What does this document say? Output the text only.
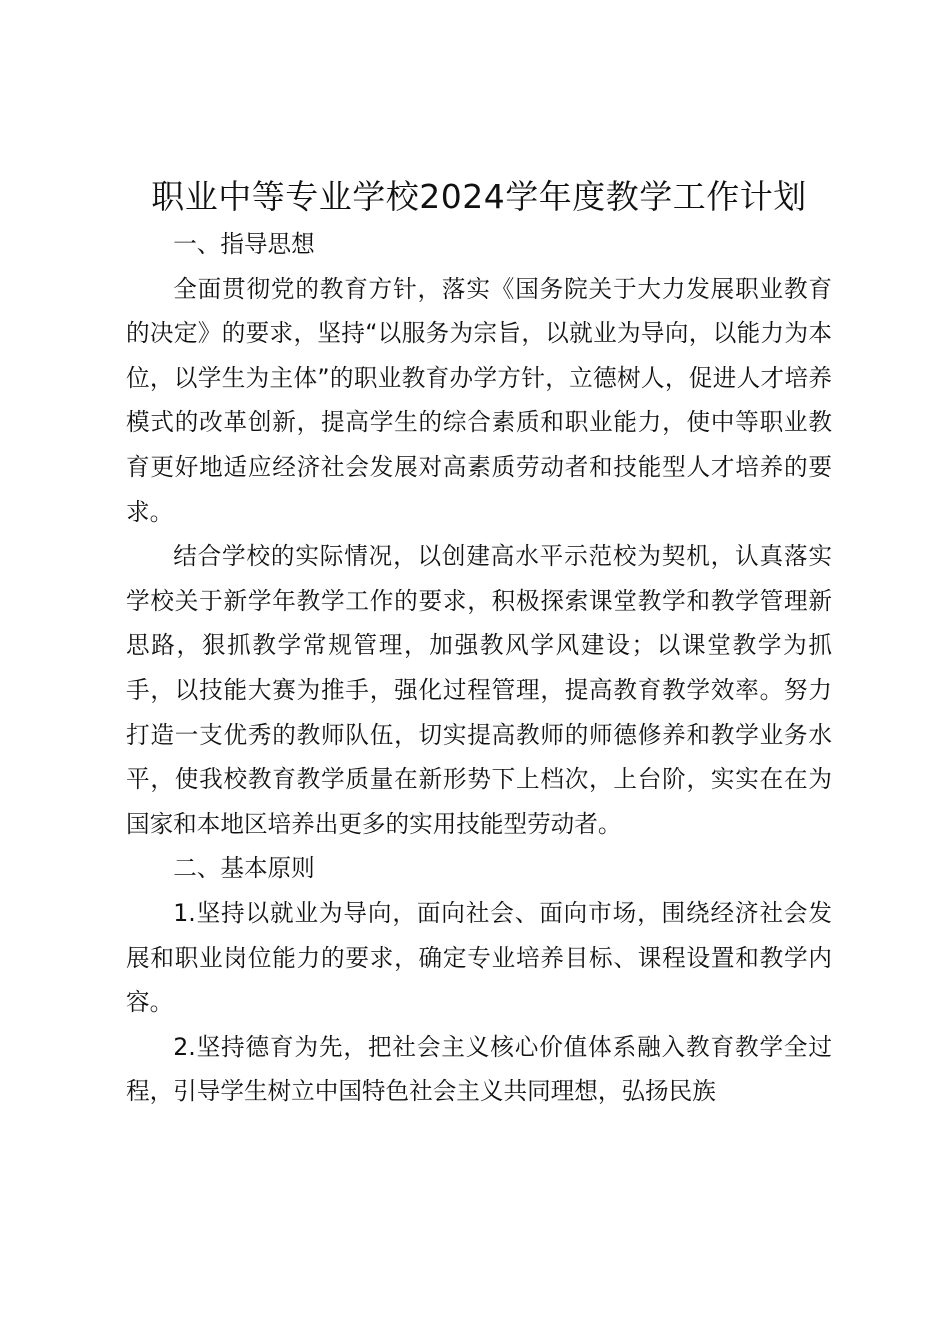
职业中等专业学校2024学年度教学工作计划

一、指导思想

全面贯彻党的教育方针，落实《国务院关于大力发展职业教育的决定》的要求，坚持“以服务为宗旨，以就业为导向，以能力为本位，以学生为主体”的职业教育办学方针，立德树人，促进人才培养模式的改革创新，提高学生的综合素质和职业能力，使中等职业教育更好地适应经济社会发展对高素质劳动者和技能型人才培养的要求。

结合学校的实际情况，以创建高水平示范校为契机，认真落实学校关于新学年教学工作的要求，积极探索课堂教学和教学管理新思路，狠抓教学常规管理，加强教风学风建设；以课堂教学为抓手，以技能大赛为推手，强化过程管理，提高教育教学效率。努力打造一支优秀的教师队伍，切实提高教师的师德修养和教学业务水平，使我校教育教学质量在新形势下上档次，上台阶，实实在在为国家和本地区培养出更多的实用技能型劳动者。

二、基本原则

1.坚持以就业为导向，面向社会、面向市场，围绕经济社会发展和职业岗位能力的要求，确定专业培养目标、课程设置和教学内容。

2.坚持德育为先，把社会主义核心价值体系融入教育教学全过程，引导学生树立中国特色社会主义共同理想，弘扬民族
